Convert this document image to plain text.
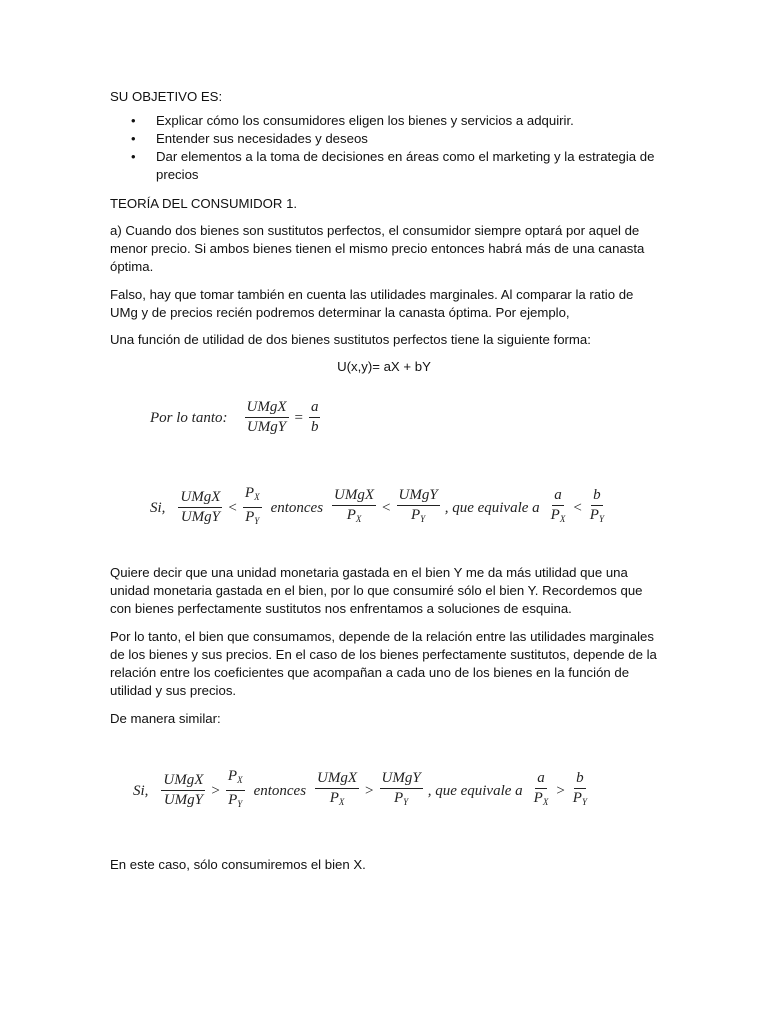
SU OBJETIVO ES:
• Explicar cómo los consumidores eligen los bienes y servicios a adquirir.
• Entender sus necesidades y deseos
• Dar elementos a la toma de decisiones en áreas como el marketing y la estrategia de precios
TEORÍA DEL CONSUMIDOR 1.
a) Cuando dos bienes son sustitutos perfectos, el consumidor siempre optará por aquel de menor precio. Si ambos bienes tienen el mismo precio entonces habrá más de una canasta óptima.
Falso, hay que tomar también en cuenta las utilidades marginales. Al comparar la ratio de UMg y de precios recién podremos determinar la canasta óptima. Por ejemplo,
Una función de utilidad de dos bienes sustitutos perfectos tiene la siguiente forma:
U(x,y)= aX + bY
Por lo tanto: $\frac{\text{UMgX}}{\text{UMgY}} = \frac{a}{b}$
Si, $\frac{\text{UMgX}}{\text{UMgY}} < \frac{P_X}{P_Y}$ entonces $\frac{\text{UMgX}}{P_X} < \frac{\text{UMgY}}{P_Y}$ , que equivale a $\frac{a}{P_X} < \frac{b}{P_Y}$
Quiere decir que una unidad monetaria gastada en el bien Y me da más utilidad que una unidad monetaria gastada en el bien, por lo que consumiré sólo el bien Y. Recordemos que con bienes perfectamente sustitutos nos enfrentamos a soluciones de esquina.
Por lo tanto, el bien que consumamos, depende de la relación entre las utilidades marginales de los bienes y sus precios. En el caso de los bienes perfectamente sustitutos, depende de la relación entre los coeficientes que acompañan a cada uno de los bienes en la función de utilidad y sus precios.
De manera similar:
Si, $\frac{\text{UMgX}}{\text{UMgY}} > \frac{P_X}{P_Y}$ entonces $\frac{\text{UMgX}}{P_X} > \frac{\text{UMgY}}{P_Y}$ , que equivale a $\frac{a}{P_X} > \frac{b}{P_Y}$
En este caso, sólo consumiremos el bien X.
